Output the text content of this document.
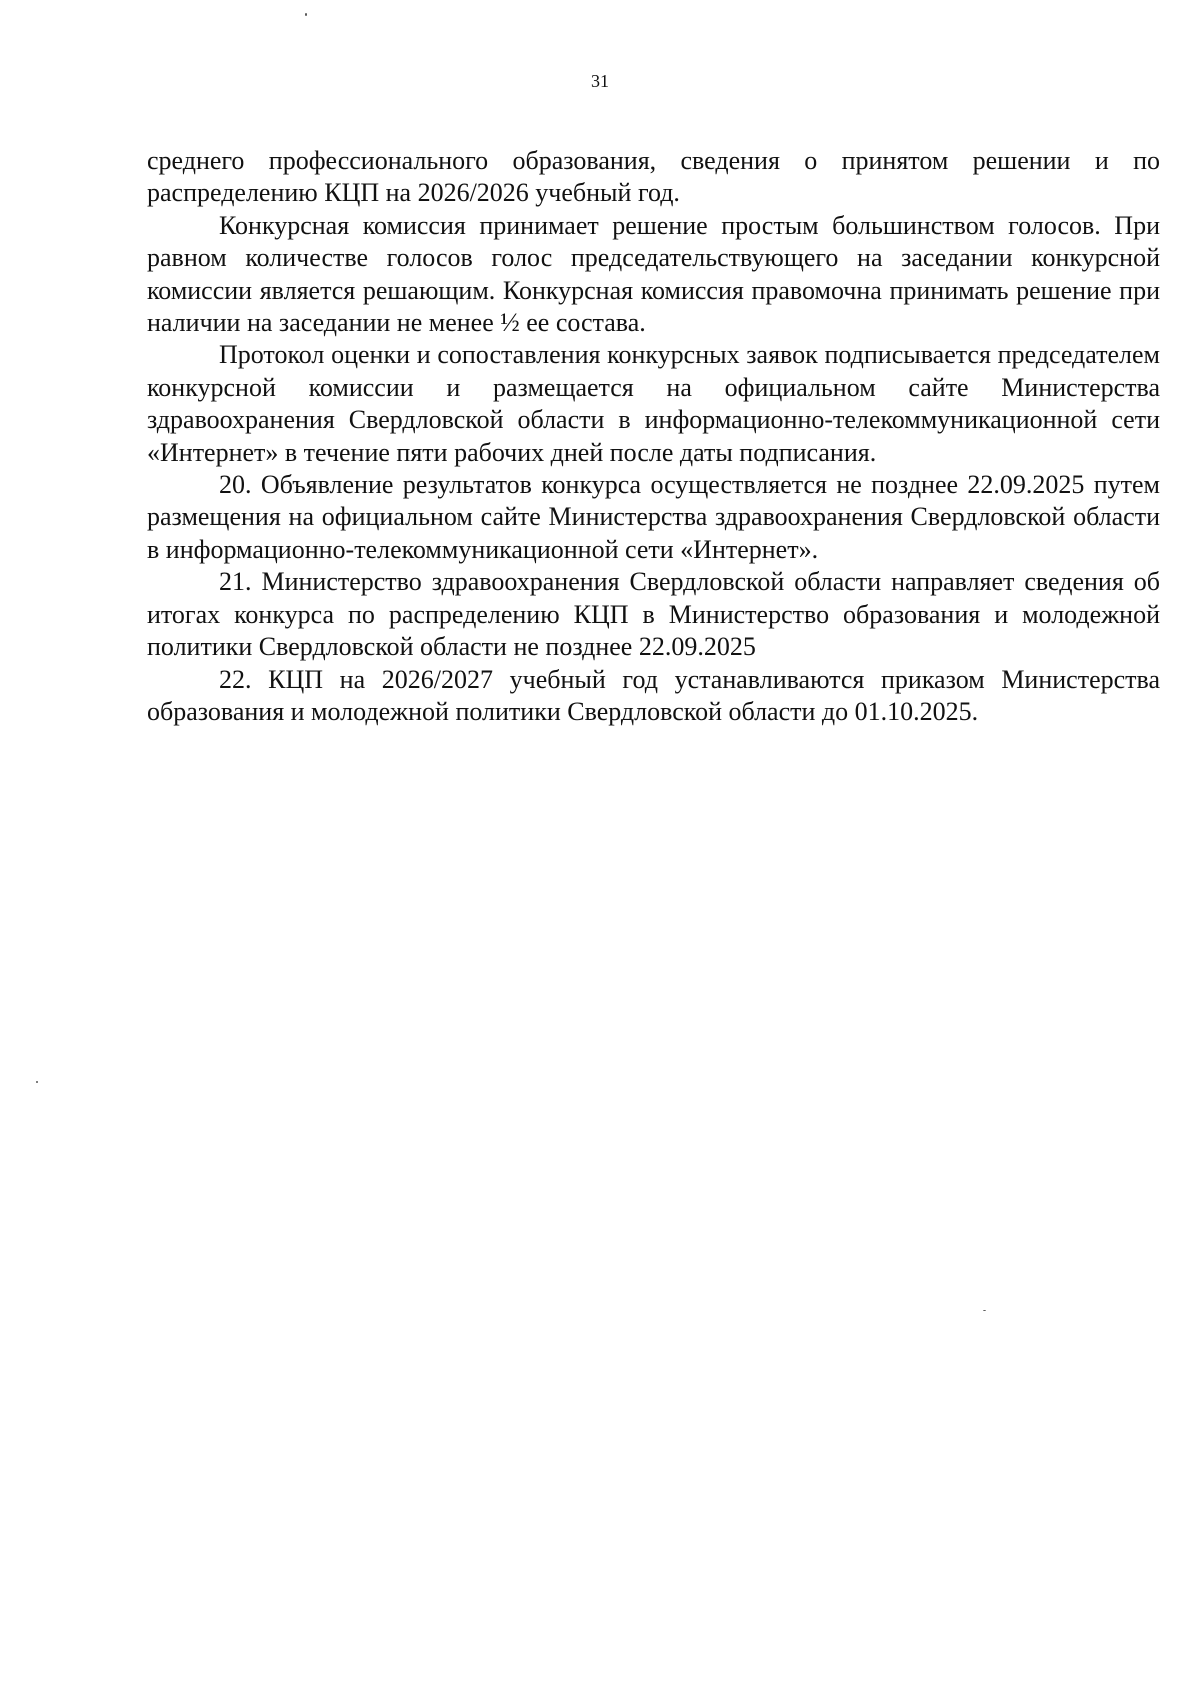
31

среднего профессионального образования, сведения о принятом решении и по распределению КЦП на 2026/2026 учебный год.

Конкурсная комиссия принимает решение простым большинством голосов. При равном количестве голосов голос председательствующего на заседании конкурсной комиссии является решающим. Конкурсная комиссия правомочна принимать решение при наличии на заседании не менее ½ ее состава.

Протокол оценки и сопоставления конкурсных заявок подписывается председателем конкурсной комиссии и размещается на официальном сайте Министерства здравоохранения Свердловской области в информационно-телекоммуникационной сети «Интернет» в течение пяти рабочих дней после даты подписания.

20. Объявление результатов конкурса осуществляется не позднее 22.09.2025 путем размещения на официальном сайте Министерства здравоохранения Свердловской области в информационно-телекоммуникационной сети «Интернет».

21. Министерство здравоохранения Свердловской области направляет сведения об итогах конкурса по распределению КЦП в Министерство образования и молодежной политики Свердловской области не позднее 22.09.2025

22. КЦП на 2026/2027 учебный год устанавливаются приказом Министерства образования и молодежной политики Свердловской области до 01.10.2025.
